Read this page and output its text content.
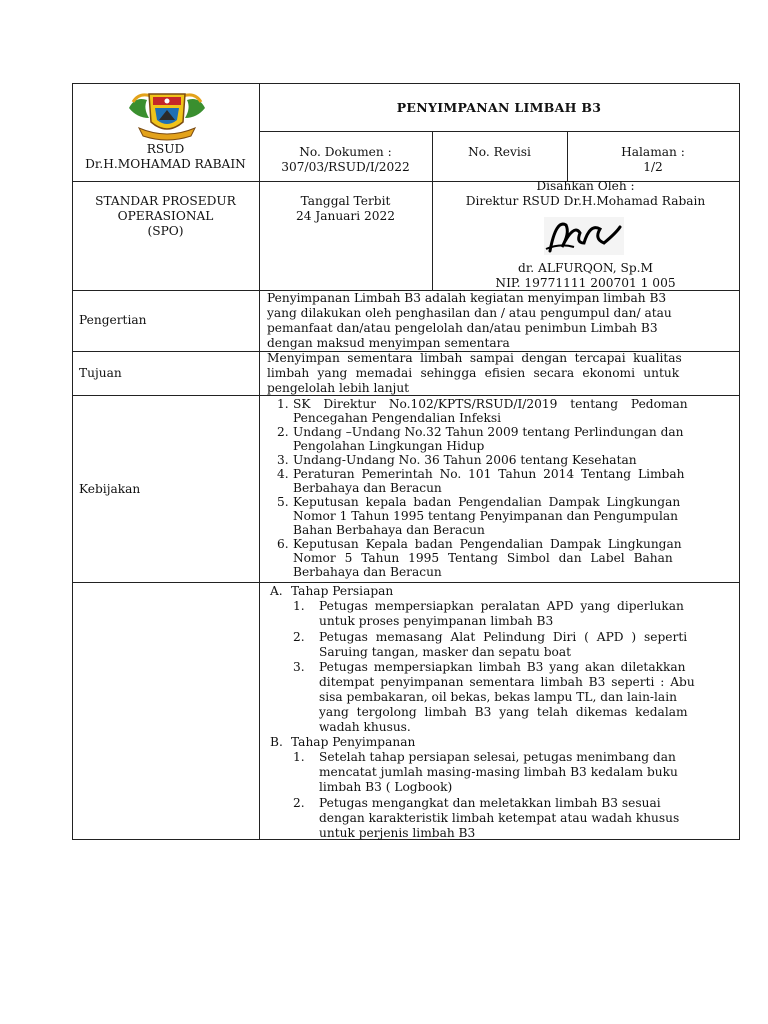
RSUD
Dr.H.MOHAMAD RABAIN
PENYIMPANAN LIMBAH B3
No. Dokumen :
307/03/RSUD/I/2022
No. Revisi	Halaman :
1/2
STANDAR PROSEDUR
OPERASIONAL
(SPO)
Tanggal Terbit
24 Januari 2022
Disahkan Oleh :
Direktur RSUD Dr.H.Mohamad Rabain
dr. ALFURQON, Sp.M
NIP. 19771111 200701 1 005
Pengertian
Penyimpanan Limbah B3 adalah kegiatan menyimpan limbah B3
yang dilakukan oleh penghasilan dan / atau pengumpul dan/ atau
pemanfaat dan/atau pengelolah dan/atau penimbun Limbah B3
dengan maksud menyimpan sementara
Tujuan
Menyimpan sementara limbah sampai dengan tercapai kualitas
limbah yang memadai sehingga efisien secara ekonomi untuk
pengelolah lebih lanjut
Kebijakan
1. SK Direktur No.102/KPTS/RSUD/I/2019 tentang Pedoman
Pencegahan Pengendalian Infeksi
2. Undang –Undang No.32 Tahun 2009 tentang Perlindungan dan
Pengolahan Lingkungan Hidup
3. Undang-Undang No. 36 Tahun 2006 tentang Kesehatan
4. Peraturan Pemerintah No. 101 Tahun 2014 Tentang Limbah
Berbahaya dan Beracun
5. Keputusan kepala badan Pengendalian Dampak Lingkungan
Nomor 1 Tahun 1995 tentang Penyimpanan dan Pengumpulan
Bahan Berbahaya dan Beracun
6. Keputusan Kepala badan Pengendalian Dampak Lingkungan
Nomor 5 Tahun 1995 Tentang Simbol dan Label Bahan
Berbahaya dan Beracun
A. Tahap Persiapan
1. Petugas mempersiapkan peralatan APD yang diperlukan
untuk proses penyimpanan limbah B3
2. Petugas memasang Alat Pelindung Diri ( APD ) seperti
Saruing tangan, masker dan sepatu boat
3. Petugas mempersiapkan limbah B3 yang akan diletakkan
ditempat penyimpanan sementara limbah B3 seperti : Abu
sisa pembakaran, oil bekas, bekas lampu TL, dan lain-lain
yang tergolong limbah B3 yang telah dikemas kedalam
wadah khusus.
B. Tahap Penyimpanan
1. Setelah tahap persiapan selesai, petugas menimbang dan
mencatat jumlah masing-masing limbah B3 kedalam buku
limbah B3 ( Logbook)
2. Petugas mengangkat dan meletakkan limbah B3 sesuai
dengan karakteristik limbah ketempat atau wadah khusus
untuk perjenis limbah B3
